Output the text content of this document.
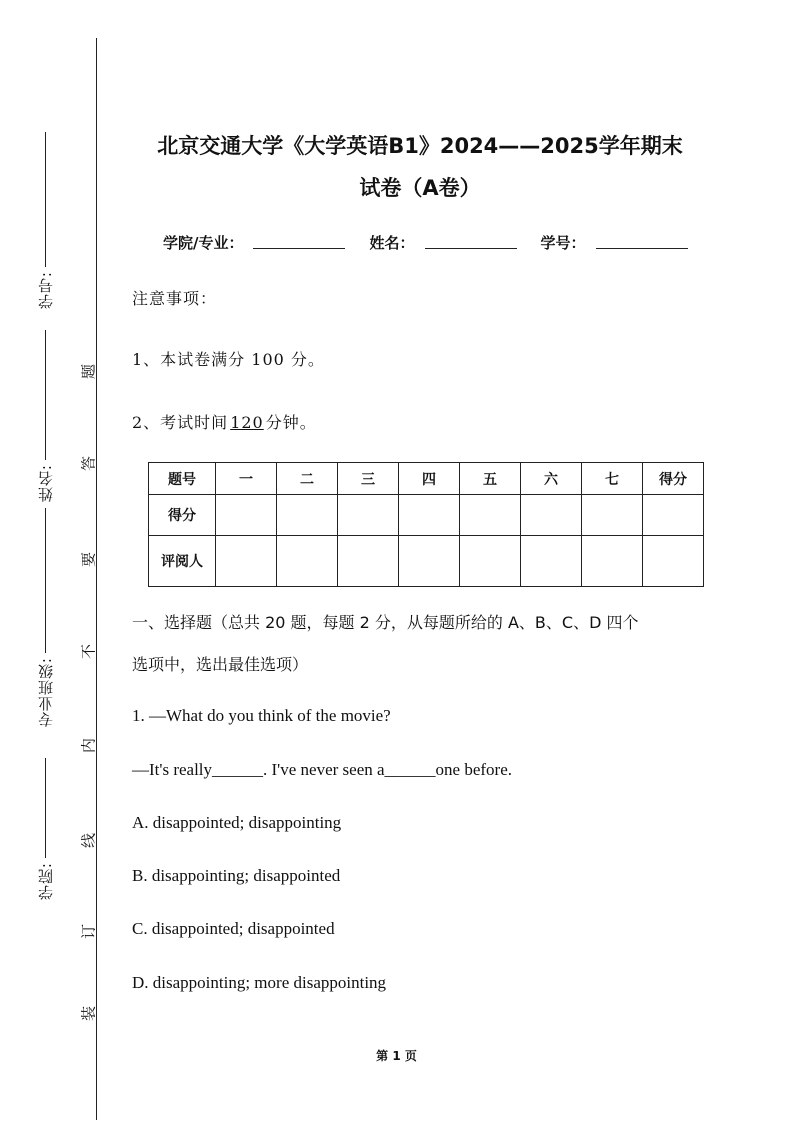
学号:
姓名:
专业班级:
学院:
题
答
要
不
内
线
订
装
北京交通大学《大学英语B1》2024——2025学年期末
试卷（A卷）
学院/专业：	姓名：	学号：
注意事项：
1、本试卷满分 100 分。
2、考试时间 120 分钟。
题号	一	二	三	四	五	六	七	得分
得分								
评阅人								
一、选择题（总共 20 题，每题 2 分，从每题所给的 A、B、C、D 四个
选项中，选出最佳选项）
1. —What do you think of the movie?
—It's really______. I've never seen a______one before.
A. disappointed; disappointing
B. disappointing; disappointed
C. disappointed; disappointed
D. disappointing; more disappointing
第 1 页
